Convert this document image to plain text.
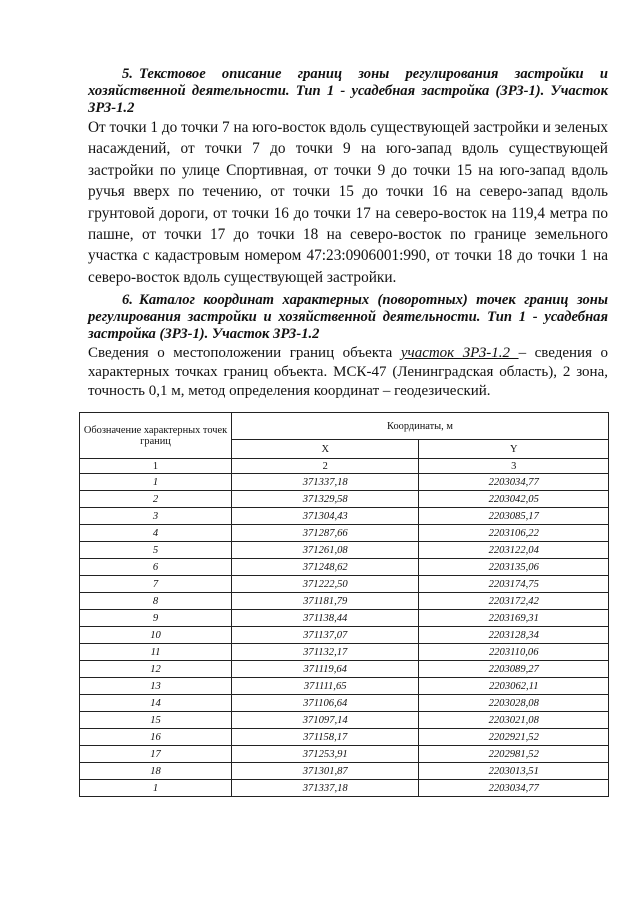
5. Текстовое описание границ зоны регулирования застройки и хозяйственной деятельности. Тип 1 - усадебная застройка (ЗРЗ-1). Участок ЗРЗ-1.2
От точки 1 до точки 7 на юго-восток вдоль существующей застройки и зеленых насаждений, от точки 7 до точки 9 на юго-запад вдоль существующей застройки по улице Спортивная, от точки 9 до точки 15 на юго-запад вдоль ручья вверх по течению, от точки 15 до точки 16 на северо-запад вдоль грунтовой дороги, от точки 16 до точки 17 на северо-восток на 119,4 метра по пашне, от точки 17 до точки 18 на северо-восток по границе земельного участка с кадастровым номером 47:23:0906001:990, от точки 18 до точки 1 на северо-восток вдоль существующей застройки.
6. Каталог координат характерных (поворотных) точек границ зоны регулирования застройки и хозяйственной деятельности. Тип 1 - усадебная застройка (ЗРЗ-1). Участок ЗРЗ-1.2
Сведения о местоположении границ объекта участок ЗРЗ-1.2 – сведения о характерных точках границ объекта. МСК-47 (Ленинградская область), 2 зона, точность 0,1 м, метод определения координат – геодезический.
Обозначение характерных точек границ	Координаты, м	
	X	Y
1	2	3
1	371337,18	2203034,77
2	371329,58	2203042,05
3	371304,43	2203085,17
4	371287,66	2203106,22
5	371261,08	2203122,04
6	371248,62	2203135,06
7	371222,50	2203174,75
8	371181,79	2203172,42
9	371138,44	2203169,31
10	371137,07	2203128,34
11	371132,17	2203110,06
12	371119,64	2203089,27
13	371111,65	2203062,11
14	371106,64	2203028,08
15	371097,14	2203021,08
16	371158,17	2202921,52
17	371253,91	2202981,52
18	371301,87	2203013,51
1	371337,18	2203034,77
